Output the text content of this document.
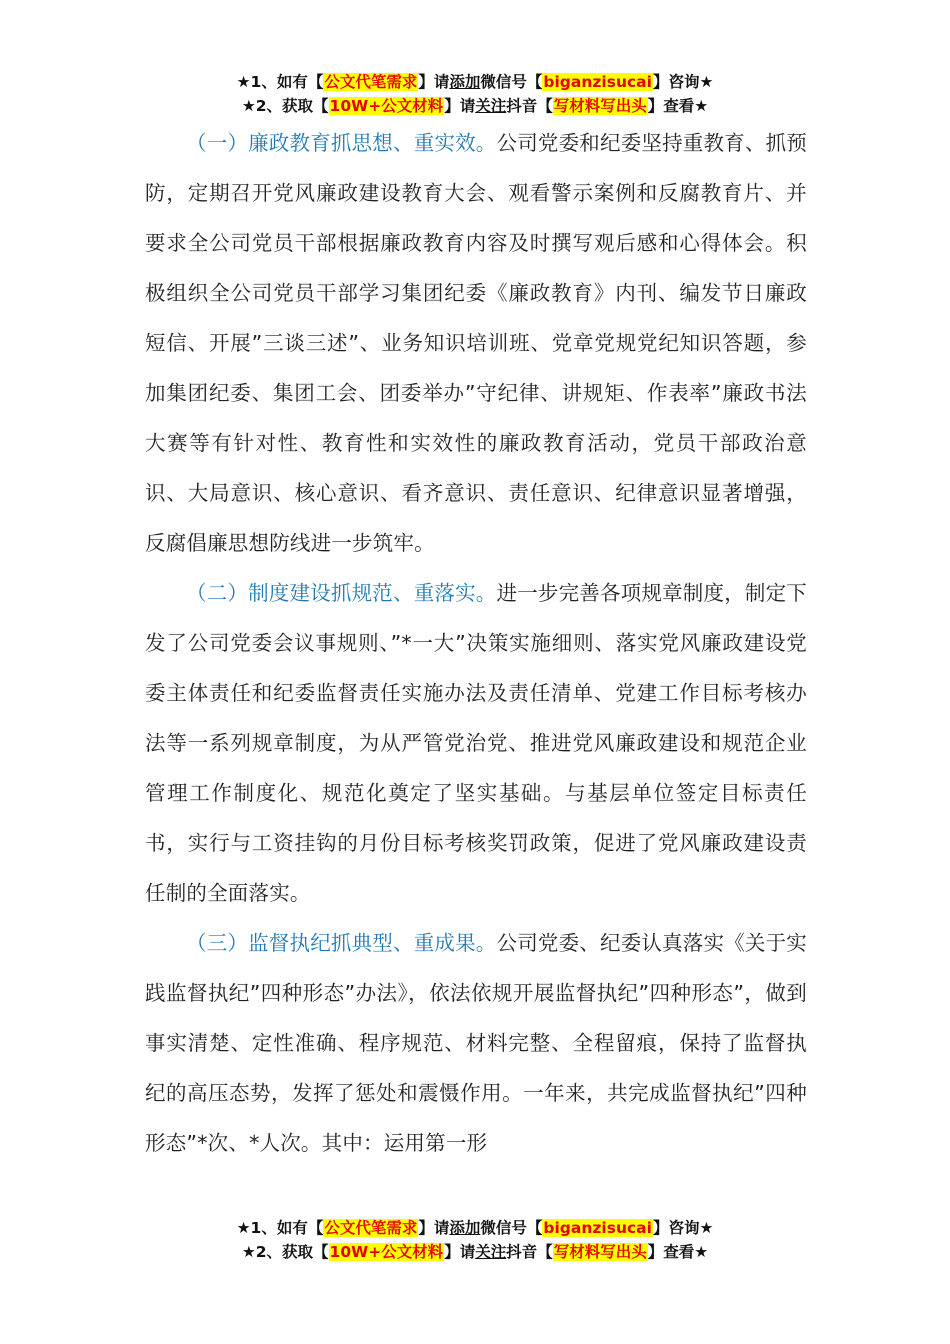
★1、如有【公文代笔需求】请添加微信号【biganzisucai】咨询★
★2、获取【10W+公文材料】请关注抖音【写材料写出头】查看★

（一）廉政教育抓思想、重实效。公司党委和纪委坚持重教育、抓预防，定期召开党风廉政建设教育大会、观看警示案例和反腐教育片、并要求全公司党员干部根据廉政教育内容及时撰写观后感和心得体会。积极组织全公司党员干部学习集团纪委《廉政教育》内刊、编发节日廉政短信、开展”三谈三述”、业务知识培训班、党章党规党纪知识答题，参加集团纪委、集团工会、团委举办”守纪律、讲规矩、作表率”廉政书法大赛等有针对性、教育性和实效性的廉政教育活动，党员干部政治意识、大局意识、核心意识、看齐意识、责任意识、纪律意识显著增强，反腐倡廉思想防线进一步筑牢。

（二）制度建设抓规范、重落实。进一步完善各项规章制度，制定下发了公司党委会议事规则、”*一大”决策实施细则、落实党风廉政建设党委主体责任和纪委监督责任实施办法及责任清单、党建工作目标考核办法等一系列规章制度，为从严管党治党、推进党风廉政建设和规范企业管理工作制度化、规范化奠定了坚实基础。与基层单位签定目标责任书，实行与工资挂钩的月份目标考核奖罚政策，促进了党风廉政建设责任制的全面落实。

（三）监督执纪抓典型、重成果。公司党委、纪委认真落实《关于实践监督执纪”四种形态”办法》，依法依规开展监督执纪”四种形态”，做到事实清楚、定性准确、程序规范、材料完整、全程留痕，保持了监督执纪的高压态势，发挥了惩处和震慑作用。一年来，共完成监督执纪”四种形态”*次、*人次。其中：运用第一形

★1、如有【公文代笔需求】请添加微信号【biganzisucai】咨询★
★2、获取【10W+公文材料】请关注抖音【写材料写出头】查看★
